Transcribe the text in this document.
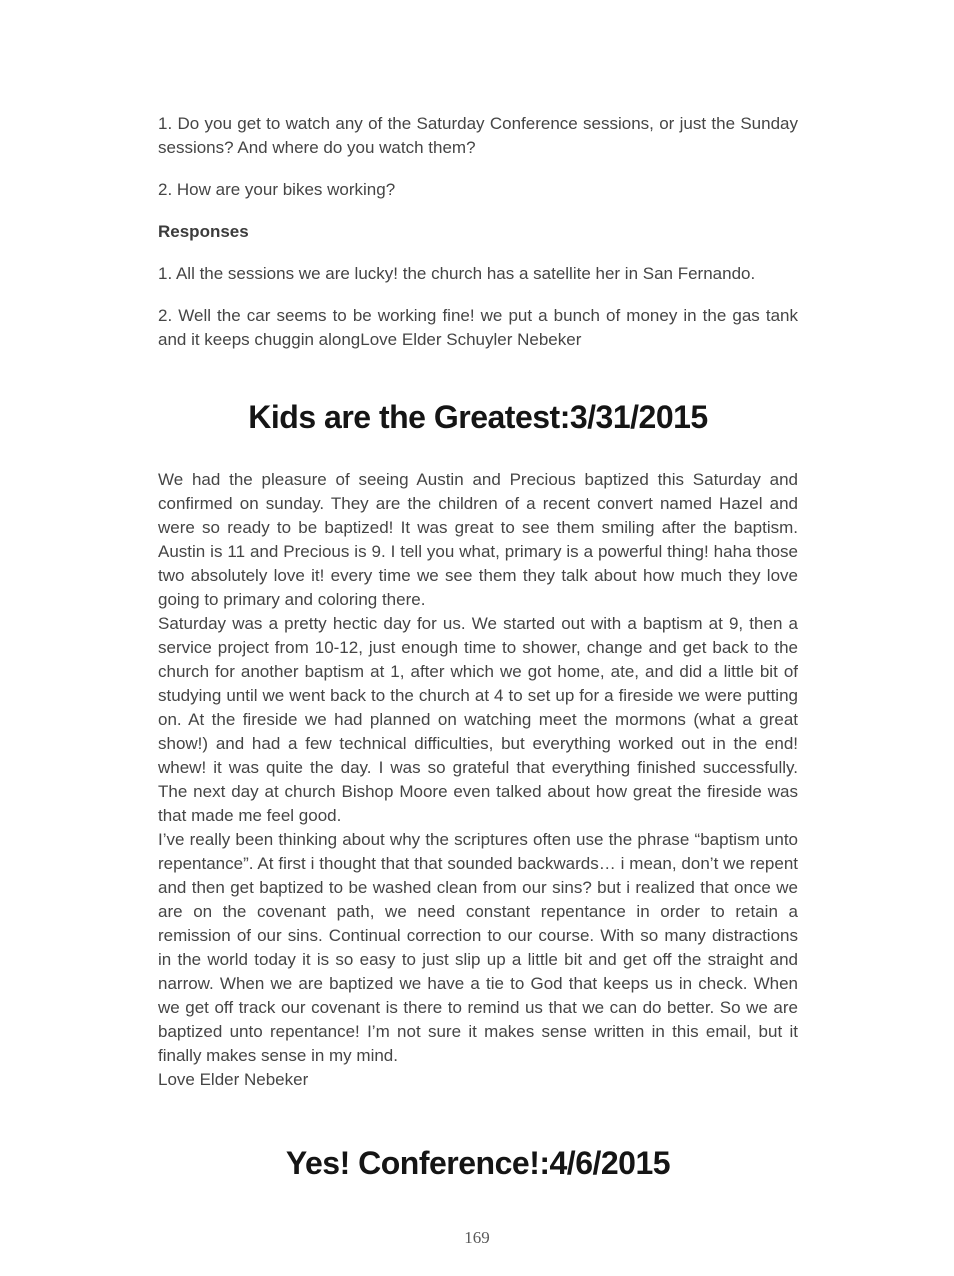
1. Do you get to watch any of the Saturday Conference sessions, or just the Sunday sessions? And where do you watch them?

2. How are your bikes working?

Responses

1. All the sessions we are lucky! the church has a satellite her in San Fernando.

2. Well the car seems to be working fine! we put a bunch of money in the gas tank and it keeps chuggin alongLove Elder Schuyler Nebeker

Kids are the Greatest:3/31/2015

We had the pleasure of seeing Austin and Precious baptized this Saturday and confirmed on sunday. They are the children of a recent convert named Hazel and were so ready to be baptized! It was great to see them smiling after the baptism. Austin is 11 and Precious is 9. I tell you what, primary is a powerful thing! haha those two absolutely love it! every time we see them they talk about how much they love going to primary and coloring there.

Saturday was a pretty hectic day for us. We started out with a baptism at 9, then a service project from 10-12, just enough time to shower, change and get back to the church for another baptism at 1, after which we got home, ate, and did a little bit of studying until we went back to the church at 4 to set up for a fireside we were putting on. At the fireside we had planned on watching meet the mormons (what a great show!) and had a few technical difficulties, but everything worked out in the end! whew! it was quite the day. I was so grateful that everything finished successfully. The next day at church Bishop Moore even talked about how great the fireside was that made me feel good.

I’ve really been thinking about why the scriptures often use the phrase “baptism unto repentance”. At first i thought that that sounded backwards… i mean, don’t we repent and then get baptized to be washed clean from our sins? but i realized that once we are on the covenant path, we need constant repentance in order to retain a remission of our sins. Continual correction to our course. With so many distractions in the world today it is so easy to just slip up a little bit and get off the straight and narrow. When we are baptized we have a tie to God that keeps us in check. When we get off track our covenant is there to remind us that we can do better. So we are baptized unto repentance! I’m not sure it makes sense written in this email, but it finally makes sense in my mind.

Love Elder Nebeker

Yes! Conference!:4/6/2015
169
